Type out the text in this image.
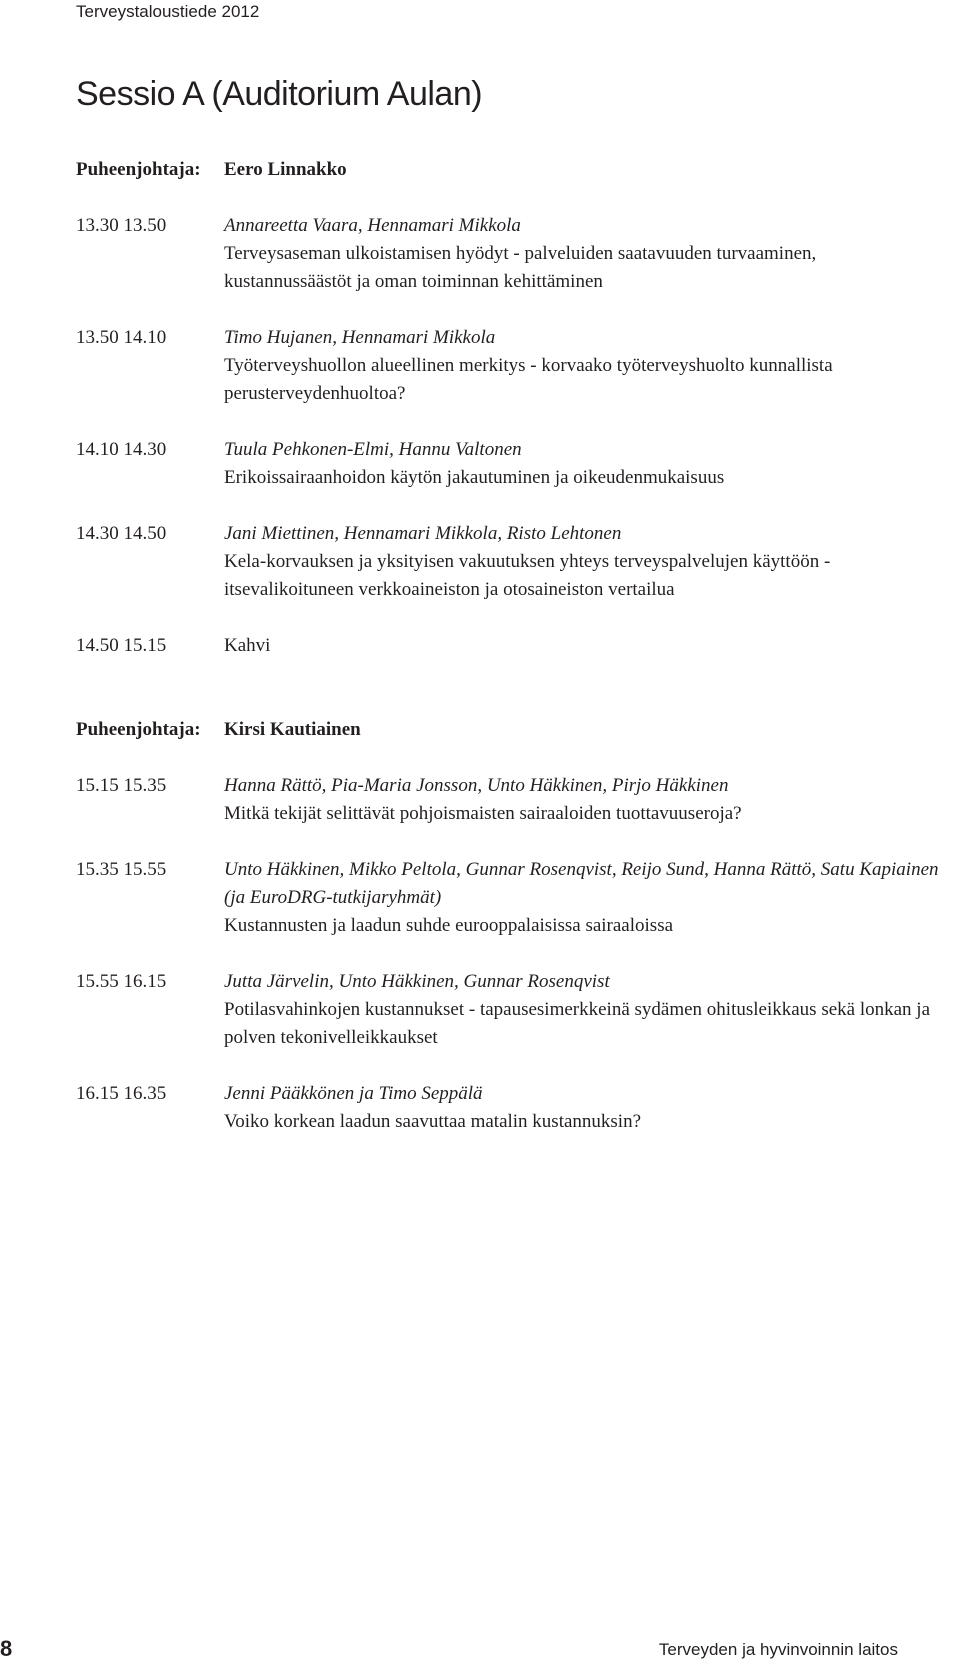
Terveystaloustiede 2012
Sessio A (Auditorium Aulan)
Puheenjohtaja:	Eero Linnakko
13.30 13.50	Annareetta Vaara, Hennamari Mikkola
Terveysaseman ulkoistamisen hyödyt - palveluiden saatavuuden turvaaminen, kustannussäästöt ja oman toiminnan kehittäminen
13.50 14.10	Timo Hujanen, Hennamari Mikkola
Työterveyshuollon alueellinen merkitys - korvaako työterveyshuolto kunnallista perusterveydenhuoltoa?
14.10 14.30	Tuula Pehkonen-Elmi, Hannu Valtonen
Erikoissairaanhoidon käytön jakautuminen ja oikeudenmukaisuus
14.30 14.50	Jani Miettinen, Hennamari Mikkola, Risto Lehtonen
Kela-korvauksen ja yksityisen vakuutuksen yhteys terveyspalvelujen käyttöön - itsevalikoituneen verkkoaineiston ja otosaineiston vertailua
14.50 15.15	Kahvi
Puheenjohtaja:	Kirsi Kautiainen
15.15 15.35	Hanna Rättö, Pia-Maria Jonsson, Unto Häkkinen, Pirjo Häkkinen
Mitkä tekijät selittävät pohjoismaisten sairaaloiden tuottavuuseroja?
15.35 15.55	Unto Häkkinen, Mikko Peltola, Gunnar Rosenqvist, Reijo Sund, Hanna Rättö, Satu Kapiainen (ja EuroDRG-tutkijaryhmät)
Kustannusten ja laadun suhde eurooppalaisissa sairaaloissa
15.55 16.15	Jutta Järvelin, Unto Häkkinen, Gunnar Rosenqvist
Potilasvahinkojen kustannukset - tapausesimerkkeinä sydämen ohitusleikkaus sekä lonkan ja polven tekonivelleikkaukset
16.15 16.35	Jenni Pääkkönen ja Timo Seppälä
Voiko korkean laadun saavuttaa matalin kustannuksin?
8	Terveyden ja hyvinvoinnin laitos
